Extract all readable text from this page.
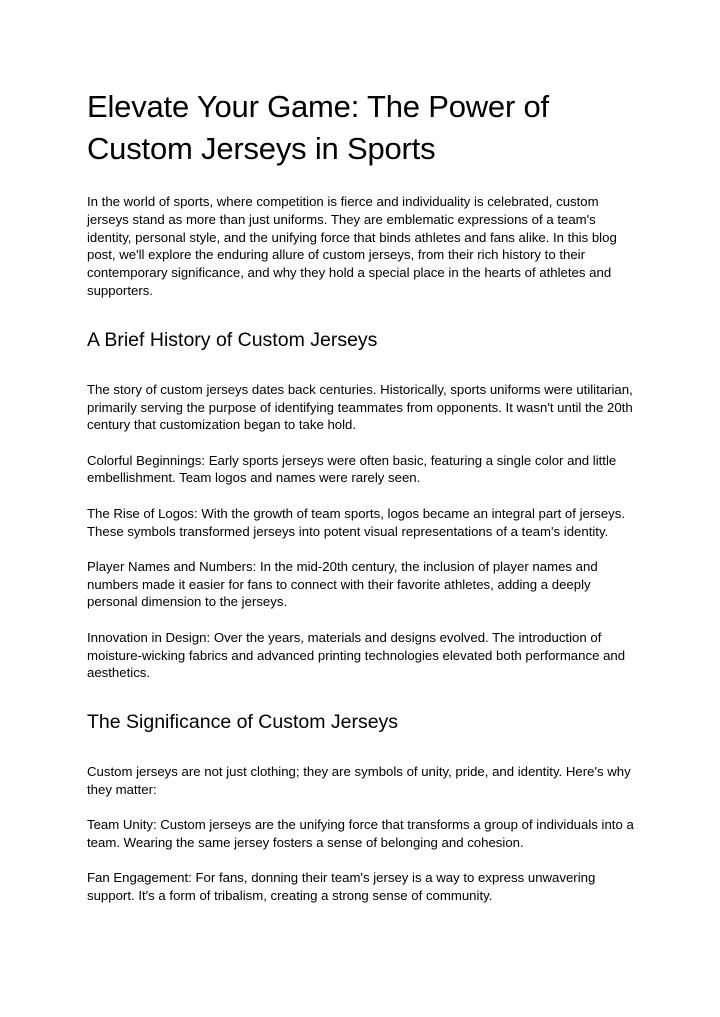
Elevate Your Game: The Power of Custom Jerseys in Sports

In the world of sports, where competition is fierce and individuality is celebrated, custom jerseys stand as more than just uniforms. They are emblematic expressions of a team's identity, personal style, and the unifying force that binds athletes and fans alike. In this blog post, we'll explore the enduring allure of custom jerseys, from their rich history to their contemporary significance, and why they hold a special place in the hearts of athletes and supporters.

A Brief History of Custom Jerseys

The story of custom jerseys dates back centuries. Historically, sports uniforms were utilitarian, primarily serving the purpose of identifying teammates from opponents. It wasn't until the 20th century that customization began to take hold.

Colorful Beginnings: Early sports jerseys were often basic, featuring a single color and little embellishment. Team logos and names were rarely seen.

The Rise of Logos: With the growth of team sports, logos became an integral part of jerseys. These symbols transformed jerseys into potent visual representations of a team's identity.

Player Names and Numbers: In the mid-20th century, the inclusion of player names and numbers made it easier for fans to connect with their favorite athletes, adding a deeply personal dimension to the jerseys.

Innovation in Design: Over the years, materials and designs evolved. The introduction of moisture-wicking fabrics and advanced printing technologies elevated both performance and aesthetics.

The Significance of Custom Jerseys

Custom jerseys are not just clothing; they are symbols of unity, pride, and identity. Here's why they matter:

Team Unity: Custom jerseys are the unifying force that transforms a group of individuals into a team. Wearing the same jersey fosters a sense of belonging and cohesion.

Fan Engagement: For fans, donning their team's jersey is a way to express unwavering support. It's a form of tribalism, creating a strong sense of community.
